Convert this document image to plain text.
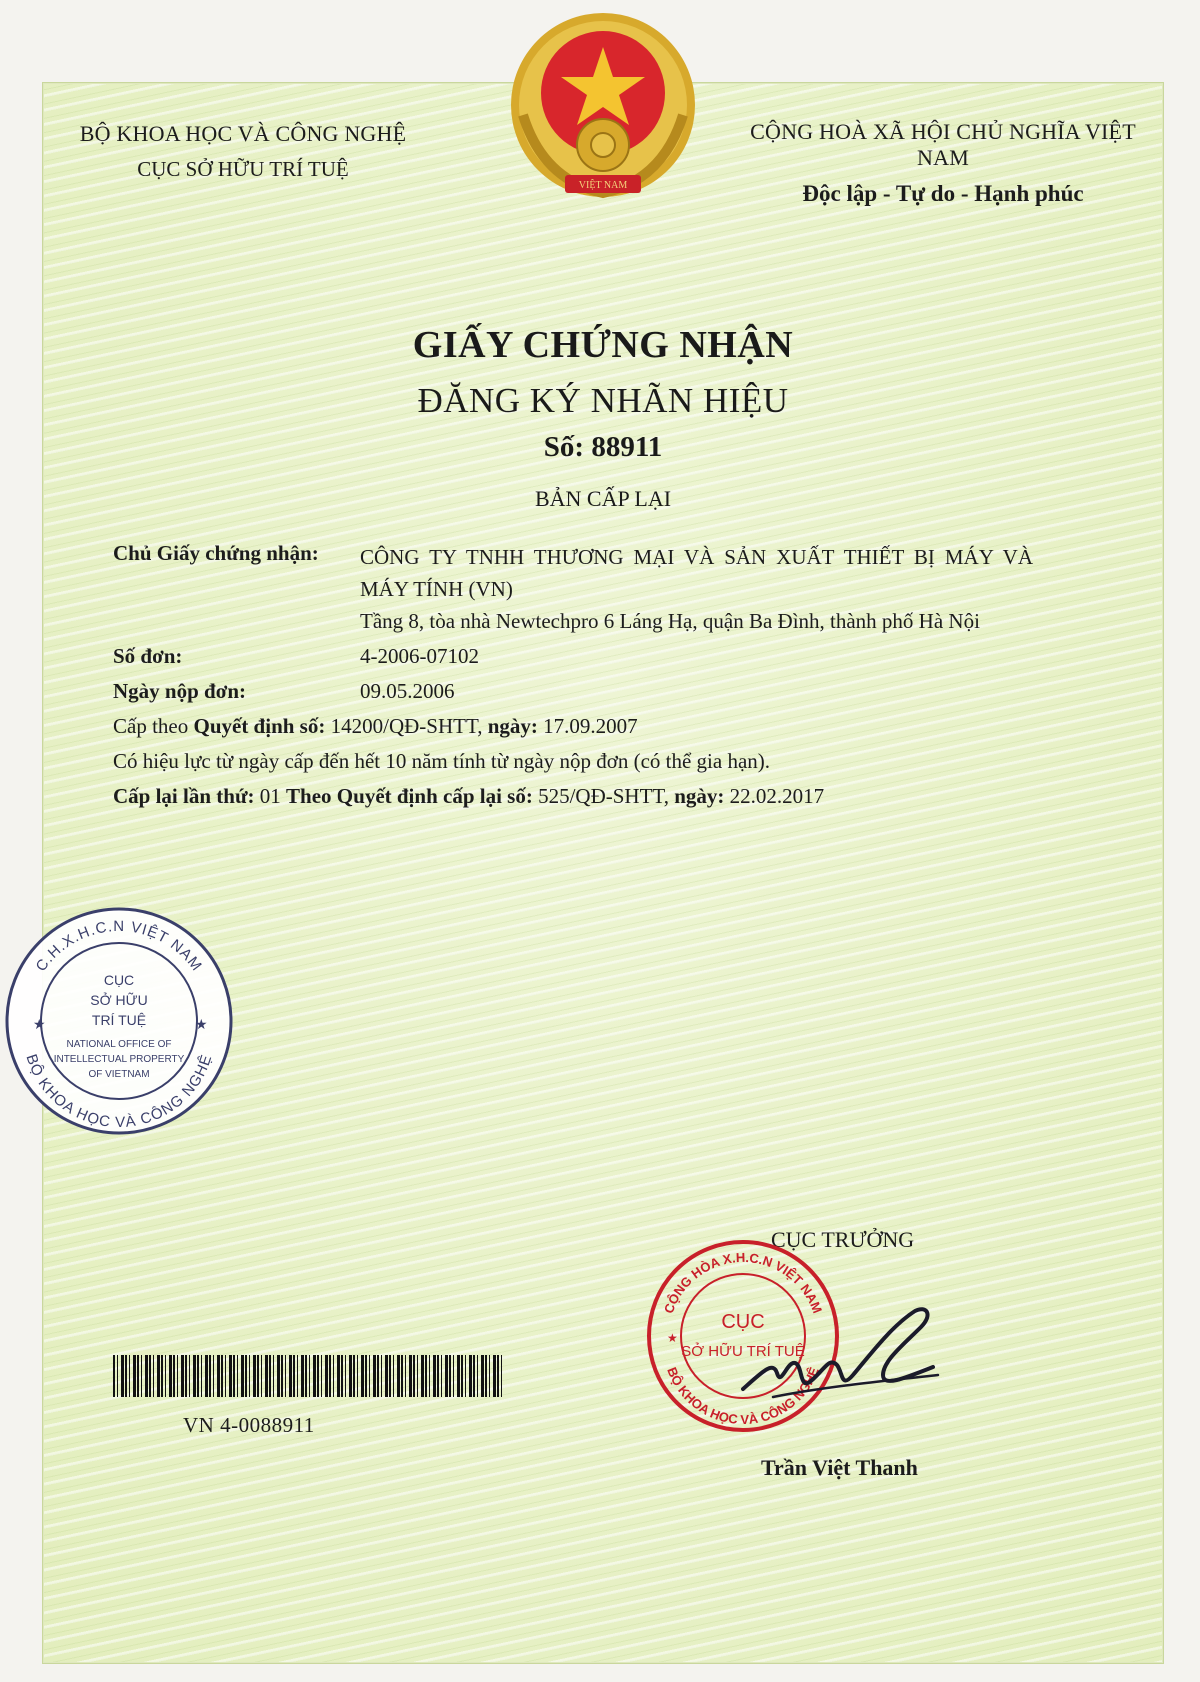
BỘ KHOA HỌC VÀ CÔNG NGHỆ
CỤC SỞ HỮU TRÍ TUỆ
VIỆT NAM
CỘNG HOÀ XÃ HỘI CHỦ NGHĨA VIỆT NAM
Độc lập - Tự do - Hạnh phúc
GIẤY CHỨNG NHẬN
ĐĂNG KÝ NHÃN HIỆU
Số: 88911
BẢN CẤP LẠI
Chủ Giấy chứng nhận:	CÔNG TY TNHH THƯƠNG MẠI VÀ SẢN XUẤT THIẾT BỊ MÁY VÀ MÁY TÍNH (VN)
Tầng 8, tòa nhà Newtechpro 6 Láng Hạ, quận Ba Đình, thành phố Hà Nội
Số đơn:	4-2006-07102
Ngày nộp đơn:	09.05.2006
Cấp theo Quyết định số: 14200/QĐ-SHTT, ngày: 17.09.2007
Có hiệu lực từ ngày cấp đến hết 10 năm tính từ ngày nộp đơn (có thể gia hạn).
Cấp lại lần thứ: 01 Theo Quyết định cấp lại số: 525/QĐ-SHTT, ngày: 22.02.2017
C.H.X.H.C.N VIỆT NAM
BỘ KHOA HỌC VÀ CÔNG NGHỆ
CỤC
SỞ HỮU
TRÍ TUỆ
NATIONAL OFFICE OF
INTELLECTUAL PROPERTY
OF VIETNAM
★	★
CỤC TRƯỞNG
CỘNG HÒA X.H.C.N VIỆT NAM
BỘ KHOA HỌC VÀ CÔNG NGHỆ
CỤC
SỞ HỮU TRÍ TUỆ
★
Trần Việt Thanh
VN 4-0088911
